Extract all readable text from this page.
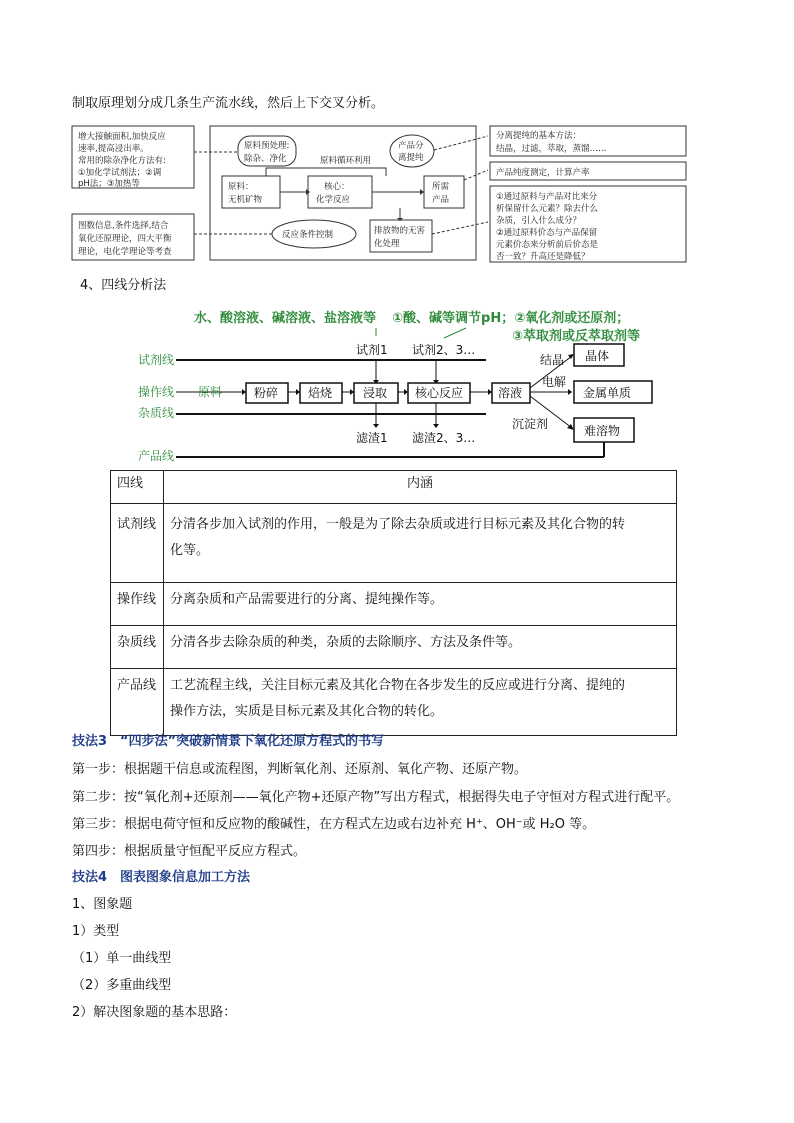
制取原理划分成几条生产流水线，然后上下交叉分析。
增大接触面积,加快反应
速率,提高浸出率。
常用的除杂净化方法有:
①加化学试剂法；②调
pH法；③加热等
图数信息,条件选择,结合
氧化还原理论，四大平衡
理论，电化学理论等考查
原料预处理:
除杂、净化	原料循环利用
产品分
离提纯
原料：
无机矿物
核心：
化学反应
所需
产品
反应条件控制	排放物的无害
化处理
分离提纯的基本方法：
结晶，过滤，萃取，蒸馏……
产品纯度测定，计算产率
①通过原料与产品对比来分
析保留什么元素？除去什么
杂质，引入什么成分？
②通过原料价态与产品保留
元素价态来分析前后价态是
否一致？升高还是降低？
4、四线分析法
水、酸溶液、碱溶液、盐溶液等 ①酸、碱等调节pH；②氧化剂或还原剂；
③萃取剂或反萃取剂等
试剂线
操作线
杂质线
产品线
试剂1 试剂2、3…
原料	粉碎 焙烧	浸取 核心反应	溶液
滤渣1 滤渣2、3…
结晶
电解
沉淀剂
晶体
金属单质
难溶物
四线	内涵
试剂线	分清各步加入试剂的作用，一般是为了除去杂质或进行目标元素及其化合物的转
化等。

操作线	分离杂质和产品需要进行的分离、提纯操作等。
杂质线	分清各步去除杂质的种类，杂质的去除顺序、方法及条件等。
产品线	工艺流程主线，关注目标元素及其化合物在各步发生的反应或进行分离、提纯的
操作方法，实质是目标元素及其化合物的转化。
技法3　“四步法”突破新情景下氧化还原方程式的书写
第一步：根据题干信息或流程图，判断氧化剂、还原剂、氧化产物、还原产物。
第二步：按“氧化剂+还原剂——氧化产物+还原产物”写出方程式，根据得失电子守恒对方程式进行配平。
第三步：根据电荷守恒和反应物的酸碱性，在方程式左边或右边补充 H⁺、OH⁻或 H₂O 等。
第四步：根据质量守恒配平反应方程式。
技法4　图表图象信息加工方法
1、图象题
1）类型
（1）单一曲线型
（2）多重曲线型
2）解决图象题的基本思路：
